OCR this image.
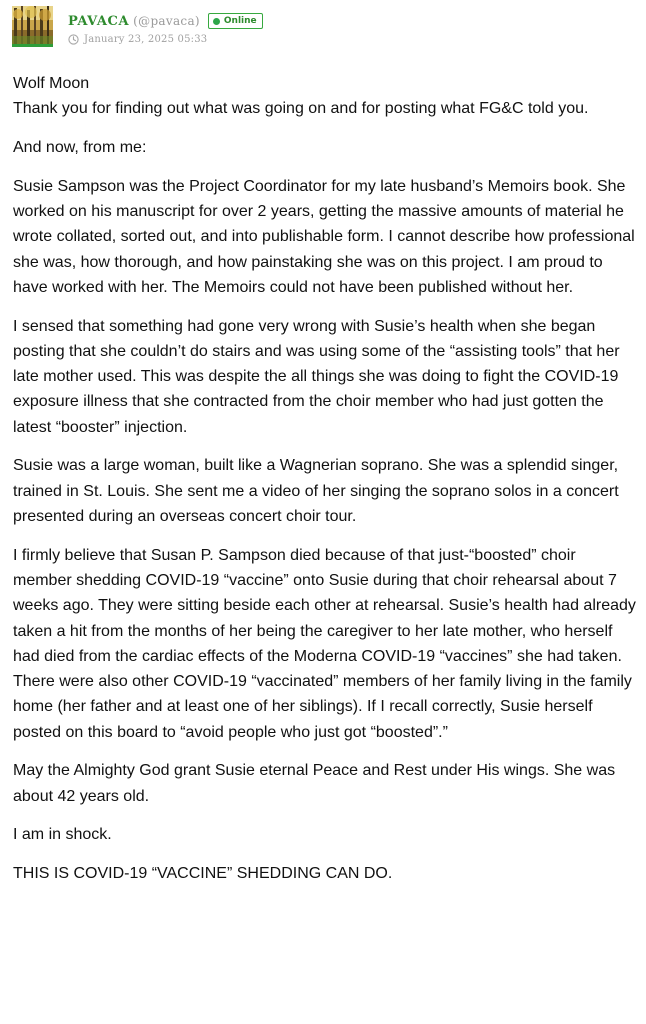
PAVACA (@pavaca)	Online
January 23, 2025 05:33

Wolf Moon
Thank you for finding out what was going on and for posting what FG&C told you.

And now, from me:

Susie Sampson was the Project Coordinator for my late husband’s Memoirs book. She worked on his manuscript for over 2 years, getting the massive amounts of material he wrote collated, sorted out, and into publishable form. I cannot describe how professional she was, how thorough, and how painstaking she was on this project. I am proud to have worked with her. The Memoirs could not have been published without her.

I sensed that something had gone very wrong with Susie’s health when she began posting that she couldn’t do stairs and was using some of the “assisting tools” that her late mother used. This was despite the all things she was doing to fight the COVID-19 exposure illness that she contracted from the choir member who had just gotten the latest “booster” injection.

Susie was a large woman, built like a Wagnerian soprano. She was a splendid singer, trained in St. Louis. She sent me a video of her singing the soprano solos in a concert presented during an overseas concert choir tour.

I firmly believe that Susan P. Sampson died because of that just-“boosted” choir member shedding COVID-19 “vaccine” onto Susie during that choir rehearsal about 7 weeks ago. They were sitting beside each other at rehearsal. Susie’s health had already taken a hit from the months of her being the caregiver to her late mother, who herself had died from the cardiac effects of the Moderna COVID-19 “vaccines” she had taken. There were also other COVID-19 “vaccinated” members of her family living in the family home (her father and at least one of her siblings). If I recall correctly, Susie herself posted on this board to “avoid people who just got “boosted”.”

May the Almighty God grant Susie eternal Peace and Rest under His wings. She was about 42 years old.

I am in shock.

THIS IS COVID-19 “VACCINE” SHEDDING CAN DO.
